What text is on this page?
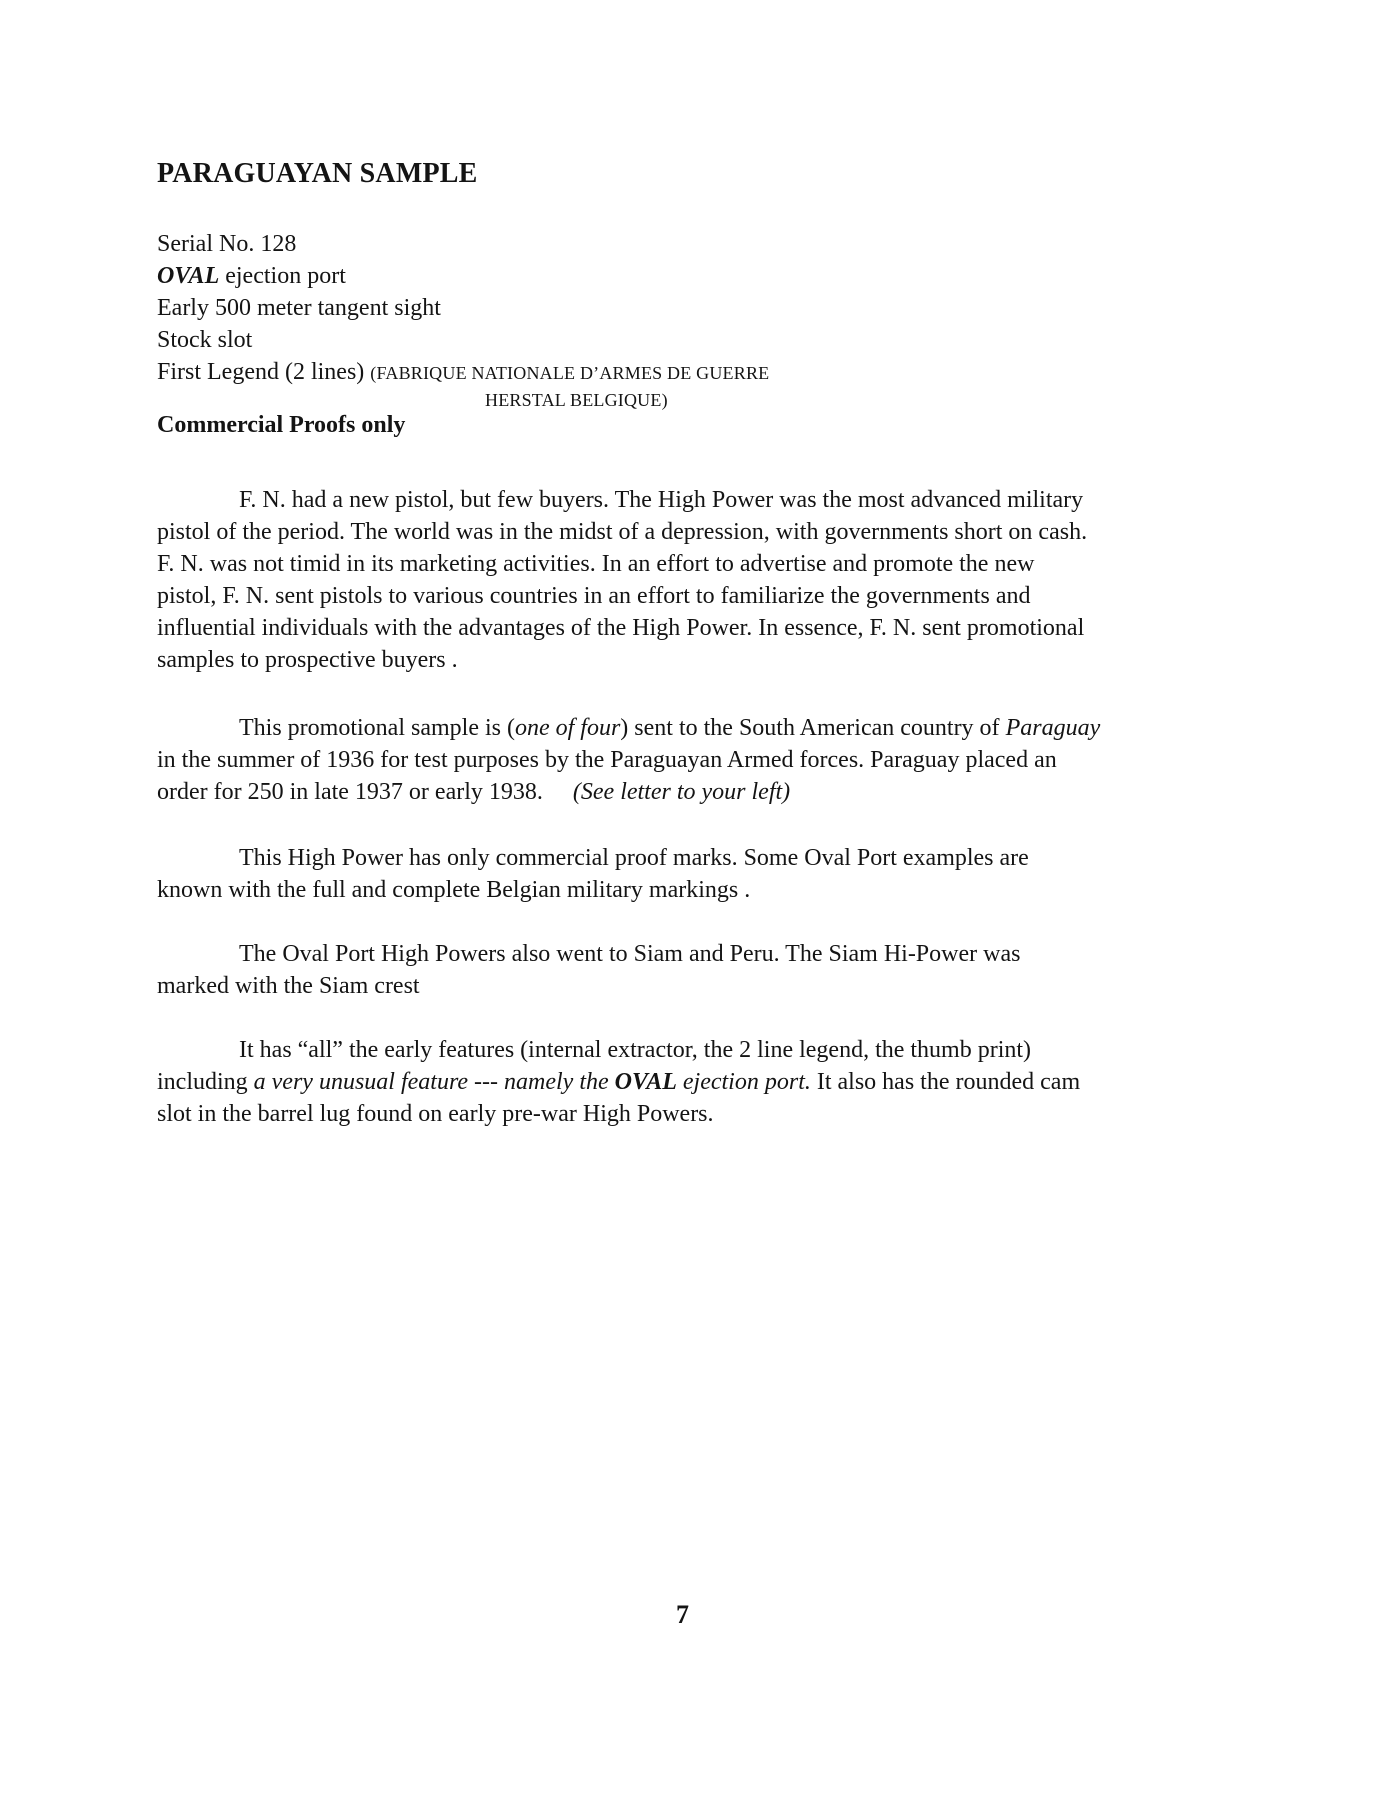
PARAGUAYAN SAMPLE
Serial No. 128
OVAL ejection port
Early 500 meter tangent sight
Stock slot
First Legend (2 lines) (FABRIQUE NATIONALE D’ARMES DE GUERRE
HERSTAL BELGIQUE)
Commercial Proofs only
F. N. had a new pistol, but few buyers. The High Power was the most advanced military
pistol of the period. The world was in the midst of a depression, with governments short on cash.
F. N. was not timid in its marketing activities. In an effort to advertise and promote the new
pistol, F. N. sent pistols to various countries in an effort to familiarize the governments and
influential individuals with the advantages of the High Power. In essence, F. N. sent promotional
samples to prospective buyers .
This promotional sample is (one of four) sent to the South American country of Paraguay
in the summer of 1936 for test purposes by the Paraguayan Armed forces. Paraguay placed an
order for 250 in late 1937 or early 1938. (See letter to your left)
This High Power has only commercial proof marks. Some Oval Port examples are
known with the full and complete Belgian military markings .
The Oval Port High Powers also went to Siam and Peru. The Siam Hi-Power was
marked with the Siam crest
It has “all” the early features (internal extractor, the 2 line legend, the thumb print)
including a very unusual feature --- namely the OVAL ejection port. It also has the rounded cam
slot in the barrel lug found on early pre-war High Powers.
7
